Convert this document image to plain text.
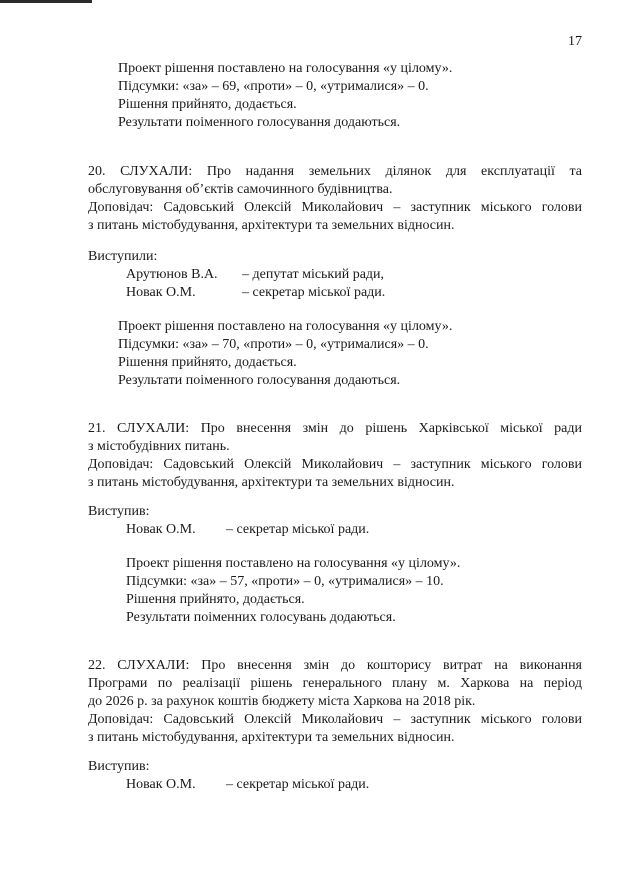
17

Проект рішення поставлено на голосування «у цілому».

Підсумки: «за» – 69, «проти» – 0, «утрималися» – 0.

Рішення прийнято, додається.

Результати поіменного голосування додаються.

20. СЛУХАЛИ: Про надання земельних ділянок для експлуатації та

обслуговування об’єктів самочинного будівництва.

Доповідач: Садовський Олексій Миколайович – заступник міського голови

з питань містобудування, архітектури та земельних відносин.

Виступили:

Арутюнов В.А.	– депутат міський ради,

Новак О.М.	– секретар міської ради.

Проект рішення поставлено на голосування «у цілому».

Підсумки: «за» – 70, «проти» – 0, «утрималися» – 0.

Рішення прийнято, додається.

Результати поіменного голосування додаються.

21. СЛУХАЛИ: Про внесення змін до рішень Харківської міської ради

з містобудівних питань.

Доповідач: Садовський Олексій Миколайович – заступник міського голови

з питань містобудування, архітектури та земельних відносин.

Виступив:

Новак О.М.	– секретар міської ради.

Проект рішення поставлено на голосування «у цілому».

Підсумки: «за» – 57, «проти» – 0, «утрималися» – 10.

Рішення прийнято, додається.

Результати поіменних голосувань додаються.

22. СЛУХАЛИ: Про внесення змін до кошторису витрат на виконання

Програми по реалізації рішень генерального плану м. Харкова на період

до 2026 р. за рахунок коштів бюджету міста Харкова на 2018 рік.

Доповідач: Садовський Олексій Миколайович – заступник міського голови

з питань містобудування, архітектури та земельних відносин.

Виступив:

Новак О.М.	– секретар міської ради.
